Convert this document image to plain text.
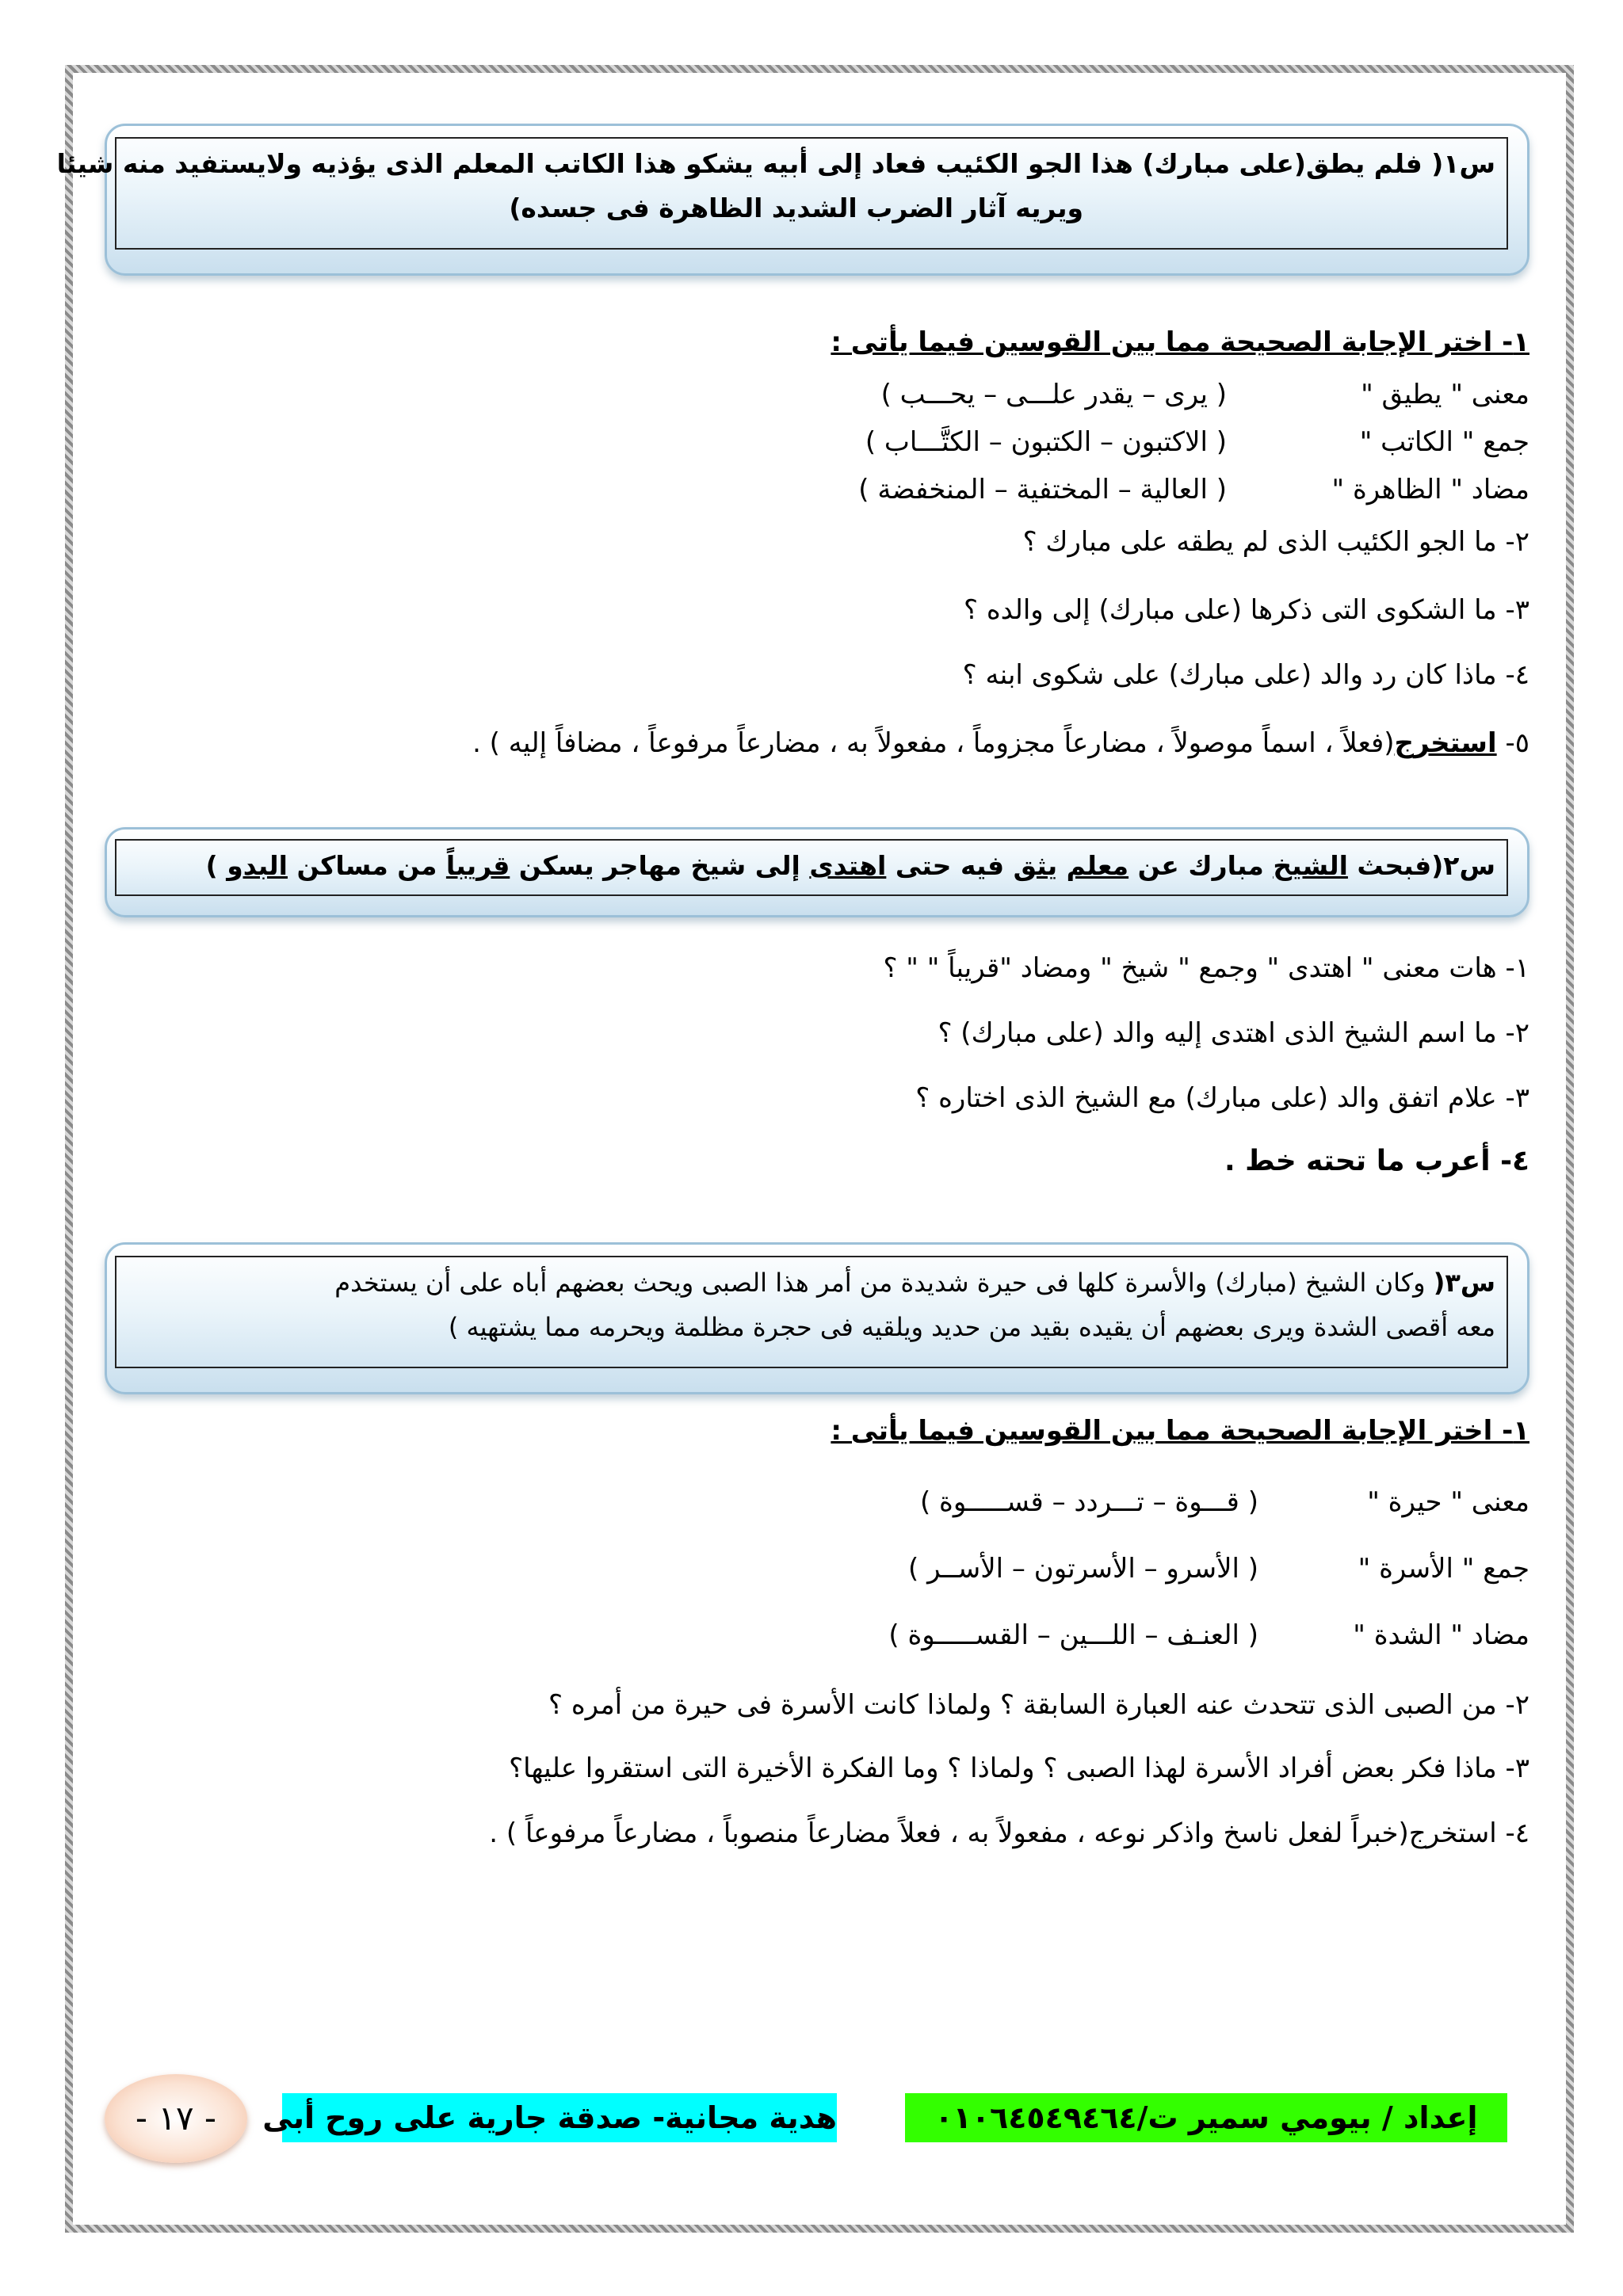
س١( فلم يطق(على مبارك) هذا الجو الكئيب فعاد إلى أبيه يشكو هذا الكاتب المعلم الذى يؤذيه ولايستفيد منه شيئا
ويريه آثار الضرب الشديد الظاهرة فى جسده)
١- اختر الإجابة الصحيحة مما بين القوسين فيما يأتى :
معنى " يطيق "
( يرى – يقدر علـــى – يحـــب )
جمع " الكاتب "
( الاكتبون – الكتبون – الكتَّـــاب )
مضاد " الظاهرة "
( العالية – المختفية – المنخفضة )
٢- ما الجو الكئيب الذى لم يطقه على مبارك ؟
٣- ما الشكوى التى ذكرها (على مبارك) إلى والده ؟
٤- ماذا كان رد والد (على مبارك) على شكوى ابنه ؟
٥- استخرج(فعلاً ، اسماً موصولاً ، مضارعاً مجزوماً ، مفعولاً به ، مضارعاً مرفوعاً ، مضافاً إليه ) .
س٢(فبحث الشيخ مبارك عن معلم يثق فيه حتى اهتدى إلى شيخ مهاجر يسكن قريباً من مساكن البدو )
١- هات معنى " اهتدى " وجمع " شيخ " ومضاد "قريباً " " ؟
٢- ما اسم الشيخ الذى اهتدى إليه والد (على مبارك) ؟
٣- علام اتفق والد (على مبارك) مع الشيخ الذى اختاره ؟
٤- أعرب ما تحته خط .
س٣( وكان الشيخ (مبارك) والأسرة كلها فى حيرة شديدة من أمر هذا الصبى ويحث بعضهم أباه على أن يستخدم
معه أقصى الشدة ويرى بعضهم أن يقيده بقيد من حديد ويلقيه فى حجرة مظلمة ويحرمه مما يشتهيه )
١- اختر الإجابة الصحيحة مما بين القوسين فيما يأتى :
معنى " حيرة "
( قـــوة – تـــردد – قســـــوة )
جمع " الأسرة "
( الأسرو – الأسرتون – الأســر )
مضاد " الشدة "
( العنـف – اللـــين – القســـــوة )
٢- من الصبى الذى تتحدث عنه العبارة السابقة ؟ ولماذا كانت الأسرة فى حيرة من أمره ؟
٣- ماذا فكر بعض أفراد الأسرة لهذا الصبى ؟ ولماذا ؟ وما الفكرة الأخيرة التى استقروا عليها؟
٤- استخرج(خبراً لفعل ناسخ واذكر نوعه ، مفعولاً به ، فعلاً مضارعاً منصوباً ، مضارعاً مرفوعاً ) .
إعداد / بيومي سمير ت/٠١٠٦٤٥٤٩٤٦٤
هدية مجانية- صدقة جارية على روح أبى
- ١٧ -
